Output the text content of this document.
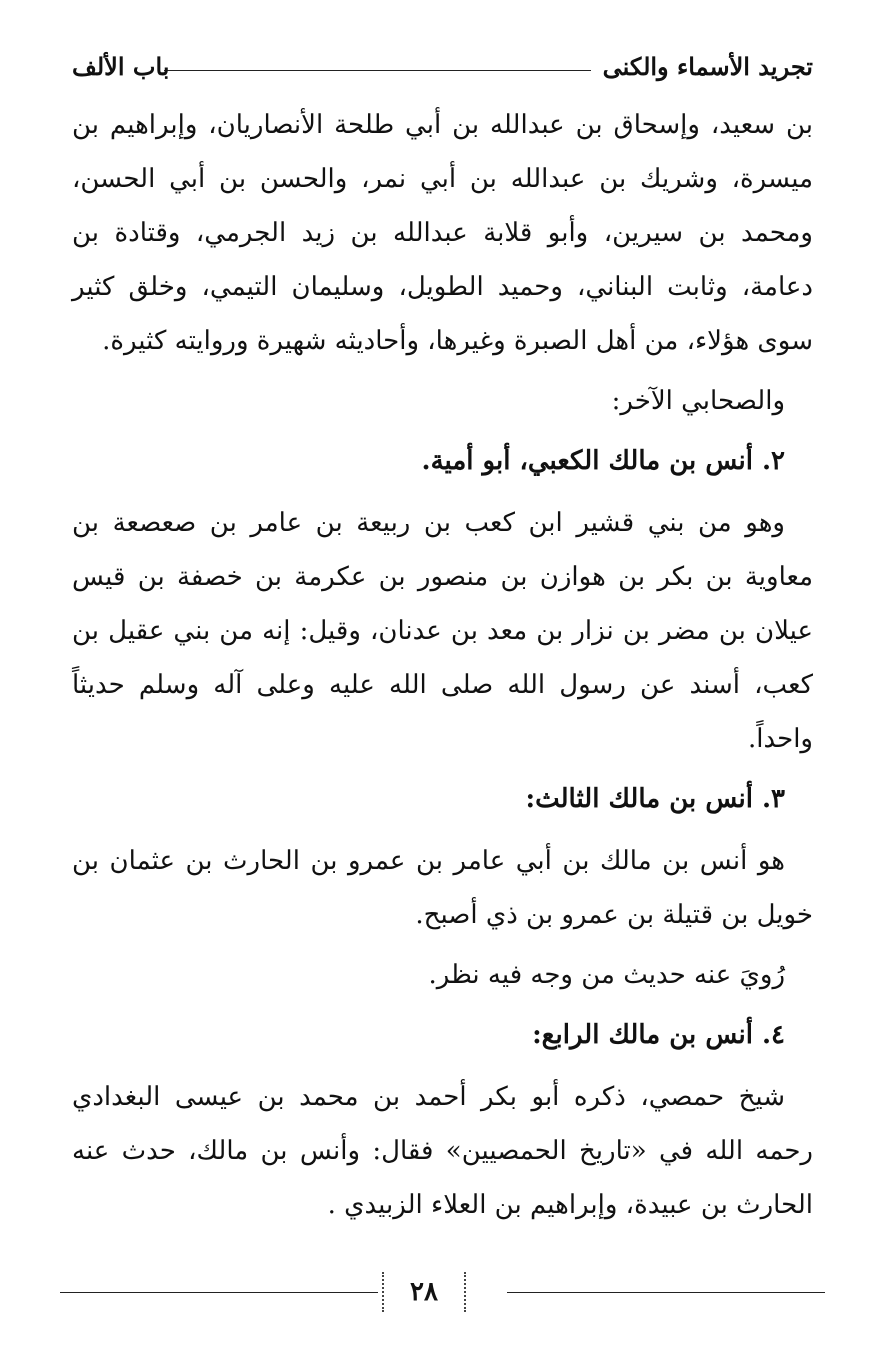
تجريد الأسماء والكنى
باب الألف

بن سعيد، وإسحاق بن عبدالله بن أبي طلحة الأنصاريان، وإبراهيم بن ميسرة، وشريك بن عبدالله بن أبي نمر، والحسن بن أبي الحسن، ومحمد بن سيرين، وأبو قلابة عبدالله بن زيد الجرمي، وقتادة بن دعامة، وثابت البناني، وحميد الطويل، وسليمان التيمي، وخلق كثير سوى هؤلاء، من أهل الصبرة وغيرها، وأحاديثه شهيرة وروايته كثيرة.

والصحابي الآخر:

٢. أنس بن مالك الكعبي، أبو أمية.

وهو من بني قشير ابن كعب بن ربيعة بن عامر بن صعصعة بن معاوية بن بكر بن هوازن بن منصور بن عكرمة بن خصفة بن قيس عيلان بن مضر بن نزار بن معد بن عدنان، وقيل: إنه من بني عقيل بن كعب، أسند عن رسول الله صلى الله عليه وعلى آله وسلم حديثاً واحداً.

٣. أنس بن مالك الثالث:

هو أنس بن مالك بن أبي عامر بن عمرو بن الحارث بن عثمان بن خويل بن قتيلة بن عمرو بن ذي أصبح.

رُويَ عنه حديث من وجه فيه نظر.

٤. أنس بن مالك الرابع:

شيخ حمصي، ذكره أبو بكر أحمد بن محمد بن عيسى البغدادي رحمه الله في «تاريخ الحمصيين» فقال: وأنس بن مالك، حدث عنه الحارث بن عبيدة، وإبراهيم بن العلاء الزبيدي .

٢٨
